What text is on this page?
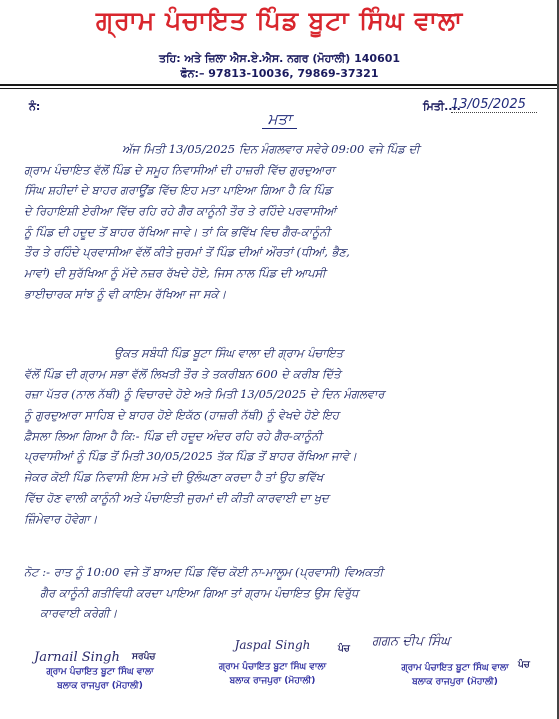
ਗ੍ਰਾਮ ਪੰਚਾਇਤ ਪਿੰਡ ਬੂਟਾ ਸਿੰਘ ਵਾਲਾ
ਤਹਿ: ਅਤੇ ਜ਼ਿਲਾ ਐਸ.ਏ.ਐਸ. ਨਗਰ (ਮੋਹਾਲੀ) 140601
ਫੋਨ:– 97813-10036, 79869-37321
ਨੰ:	ਮਿਤੀ....
13/05/2025
ਮਤਾ
ਅੱਜ ਮਿਤੀ 13/05/2025 ਦਿਨ ਮੰਗਲਵਾਰ ਸਵੇਰੇ 09:00 ਵਜੇ ਪਿੰਡ ਦੀ
ਗ੍ਰਾਮ ਪੰਚਾਇਤ ਵੱਲੋਂ ਪਿੰਡ ਦੇ ਸਮੂਹ ਨਿਵਾਸੀਆਂ ਦੀ ਹਾਜ਼ਰੀ ਵਿੱਚ ਗੁਰਦੁਆਰਾ
ਸਿੰਘ ਸ਼ਹੀਦਾਂ ਦੇ ਬਾਹਰ ਗਰਾਊਂਡ ਵਿੱਚ ਇਹ ਮਤਾ ਪਾਇਆ ਗਿਆ ਹੈ ਕਿ ਪਿੰਡ
ਦੇ ਰਿਹਾਇਸ਼ੀ ਏਰੀਆ ਵਿੱਚ ਰਹਿ ਰਹੇ ਗੈਰ ਕਾਨੂੰਨੀ ਤੌਰ ਤੇ ਰਹਿੰਦੇ ਪਰਵਾਸੀਆਂ
ਨੂੰ ਪਿੰਡ ਦੀ ਹਦੂਦ ਤੋਂ ਬਾਹਰ ਰੱਖਿਆ ਜਾਵੇ। ਤਾਂ ਕਿ ਭਵਿੱਖ ਵਿਚ ਗੈਰ-ਕਾਨੂੰਨੀ
ਤੌਰ ਤੇ ਰਹਿੰਦੇ ਪ੍ਰਵਾਸੀਆ ਵੱਲੋਂ ਕੀਤੇ ਜੁਰਮਾਂ ਤੋਂ ਪਿੰਡ ਦੀਆਂ ਔਰਤਾਂ (ਧੀਆਂ, ਭੈਣ,
ਮਾਵਾਂ) ਦੀ ਸੁਰੱਖਿਆ ਨੂੰ ਮੱਦੇ ਨਜ਼ਰ ਰੱਖਦੇ ਹੋਏ, ਜਿਸ ਨਾਲ ਪਿੰਡ ਦੀ ਆਪਸੀ
ਭਾਈਚਾਰਕ ਸਾਂਝ ਨੂੰ ਵੀ ਕਾਇਮ ਰੱਖਿਆ ਜਾ ਸਕੇ।
ਉਕਤ ਸਬੰਧੀ ਪਿੰਡ ਬੂਟਾ ਸਿੰਘ ਵਾਲਾ ਦੀ ਗ੍ਰਾਮ ਪੰਚਾਇਤ
ਵੱਲੋਂ ਪਿੰਡ ਦੀ ਗ੍ਰਾਮ ਸਭਾ ਵੱਲੋਂ ਲਿਖਤੀ ਤੌਰ ਤੇ ਤਕਰੀਬਨ 600 ਦੇ ਕਰੀਬ ਦਿੱਤੇ
ਰਜ਼ਾ ਪੱਤਰ (ਨਾਲ ਨੱਥੀ) ਨੂੰ ਵਿਚਾਰਦੇ ਹੋਏ ਅਤੇ ਮਿਤੀ 13/05/2025 ਦੇ ਦਿਨ ਮੰਗਲਵਾਰ
ਨੂੰ ਗੁਰਦੁਆਰਾ ਸਾਹਿਬ ਦੇ ਬਾਹਰ ਹੋਏ ਇਕੱਠ (ਹਾਜ਼ਰੀ ਨੱਥੀ) ਨੂੰ ਵੇਖਦੇ ਹੋਏ ਇਹ
ਫ਼ੈਸਲਾ ਲਿਆ ਗਿਆ ਹੈ ਕਿ:- ਪਿੰਡ ਦੀ ਹਦੂਦ ਅੰਦਰ ਰਹਿ ਰਹੇ ਗੈਰ-ਕਾਨੂੰਨੀ
ਪ੍ਰਵਾਸੀਆਂ ਨੂੰ ਪਿੰਡ ਤੋਂ ਮਿਤੀ 30/05/2025 ਤੱਕ ਪਿੰਡ ਤੋਂ ਬਾਹਰ ਰੱਖਿਆ ਜਾਵੇ।
ਜੇਕਰ ਕੋਈ ਪਿੰਡ ਨਿਵਾਸੀ ਇਸ ਮਤੇ ਦੀ ਉਲੰਘਣਾ ਕਰਦਾ ਹੈ ਤਾਂ ਉਹ ਭਵਿੱਖ
ਵਿੱਚ ਹੋਣ ਵਾਲੀ ਕਾਨੂੰਨੀ ਅਤੇ ਪੰਚਾਇਤੀ ਜੁਰਮਾਂ ਦੀ ਕੀਤੀ ਕਾਰਵਾਈ ਦਾ ਖੁਦ
ਜ਼ਿੰਮੇਵਾਰ ਹੋਵੇਗਾ।
ਨੋਟ :- ਰਾਤ ਨੂੰ 10:00 ਵਜੇ ਤੋਂ ਬਾਅਦ ਪਿੰਡ ਵਿੱਚ ਕੋਈ ਨਾ-ਮਾਲੂਮ (ਪ੍ਰਵਾਸੀ) ਵਿਅਕਤੀ
ਗੈਰ ਕਾਨੂੰਨੀ ਗਤੀਵਿਧੀ ਕਰਦਾ ਪਾਇਆ ਗਿਆ ਤਾਂ ਗ੍ਰਾਮ ਪੰਚਾਇਤ ਉਸ ਵਿਰੁੱਧ
ਕਾਰਵਾਈ ਕਰੇਗੀ।
Jarnail Singh	ਸਰਪੰਚ
ਗ੍ਰਾਮ ਪੰਚਾਇਤ ਬੂਟਾ ਸਿੰਘ ਵਾਲਾ
ਬਲਾਕ ਰਾਜਪੁਰਾ (ਮੋਹਾਲੀ)
Jaspal Singh	ਪੰਚ
ਗ੍ਰਾਮ ਪੰਚਾਇਤ ਬੂਟਾ ਸਿੰਘ ਵਾਲਾ
ਬਲਾਕ ਰਾਜਪੁਰਾ (ਮੋਹਾਲੀ)
ਗਗਨ ਦੀਪ ਸਿੰਘ
ਪੰਚ
ਗ੍ਰਾਮ ਪੰਚਾਇਤ ਬੂਟਾ ਸਿੰਘ ਵਾਲਾ
ਬਲਾਕ ਰਾਜਪੁਰਾ (ਮੋਹਾਲੀ)
